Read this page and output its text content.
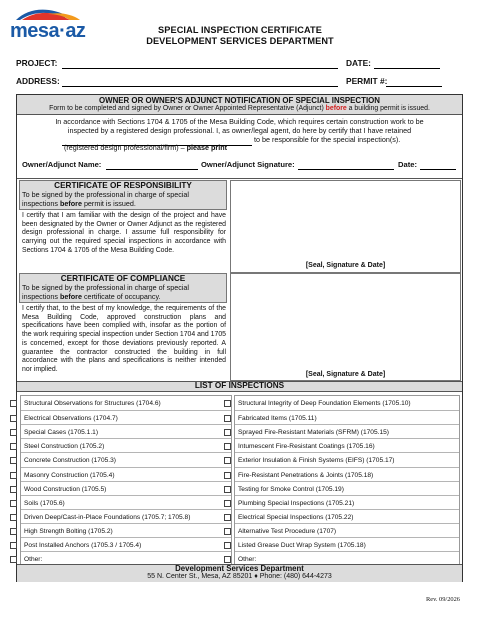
mesa·az	SPECIAL INSPECTION CERTIFICATE
DEVELOPMENT SERVICES DEPARTMENT
PROJECT:	DATE:
ADDRESS:	PERMIT #:
OWNER OR OWNER'S ADJUNCT NOTIFICATION OF SPECIAL INSPECTION
Form to be completed and signed by Owner or Owner Appointed Representative (Adjunct) before a building permit is issued.
In accordance with Sections 1704 & 1705 of the Mesa Building Code, which requires certain construction work to be
inspected by a registered design professional. I, as owner/legal agent, do here by certify that I have retained
to be responsible for the special inspection(s).
(registered design professional/firm) – please print
Owner/Adjunct Name:	Owner/Adjunct Signature:	Date:
CERTIFICATE OF RESPONSIBILITY
To be signed by the professional in charge of special
inspections before permit is issued.
I certify that I am familiar with the design of the project and have been designated by the Owner or Owner Adjunct as the registered design professional in charge. I assume full responsibility for carrying out the required special inspections in accordance with Sections 1704 & 1705 of the Mesa Building Code.
[Seal, Signature & Date]
CERTIFICATE OF COMPLIANCE
To be signed by the professional in charge of special
inspections before certificate of occupancy.
I certify that, to the best of my knowledge, the requirements of the Mesa Building Code, approved construction plans and specifications have been complied with, insofar as the portion of the work requiring special inspection under Section 1704 and 1705 is concerned, except for those deviations previously reported. A guarantee the contractor constructed the building in full accordance with the plans and specifications is neither intended nor implied.
[Seal, Signature & Date]
LIST OF INSPECTIONS
Structural Observations for Structures (1704.6)
Electrical Observations (1704.7)
Special Cases (1705.1.1)
Steel Construction (1705.2)
Concrete Construction (1705.3)
Masonry Construction (1705.4)
Wood Construction (1705.5)
Soils (1705.6)
Driven Deep/Cast-in-Place Foundations (1705.7; 1705.8)
High Strength Bolting (1705.2)
Post Installed Anchors (1705.3 / 1705.4)
Other:
Structural Integrity of Deep Foundation Elements (1705.10)
Fabricated Items (1705.11)
Sprayed Fire-Resistant Materials (SFRM) (1705.15)
Intumescent Fire-Resistant Coatings (1705.16)
Exterior Insulation & Finish Systems (EIFS) (1705.17)
Fire-Resistant Penetrations & Joints (1705.18)
Testing for Smoke Control (1705.19)
Plumbing Special Inspections (1705.21)
Electrical Special Inspections (1705.22)
Alternative Test Procedure (1707)
Listed Grease Duct Wrap System (1705.18)
Other:
Development Services Department
55 N. Center St., Mesa, AZ 85201 ♦ Phone: (480) 644-4273
Rev. 09/2026
